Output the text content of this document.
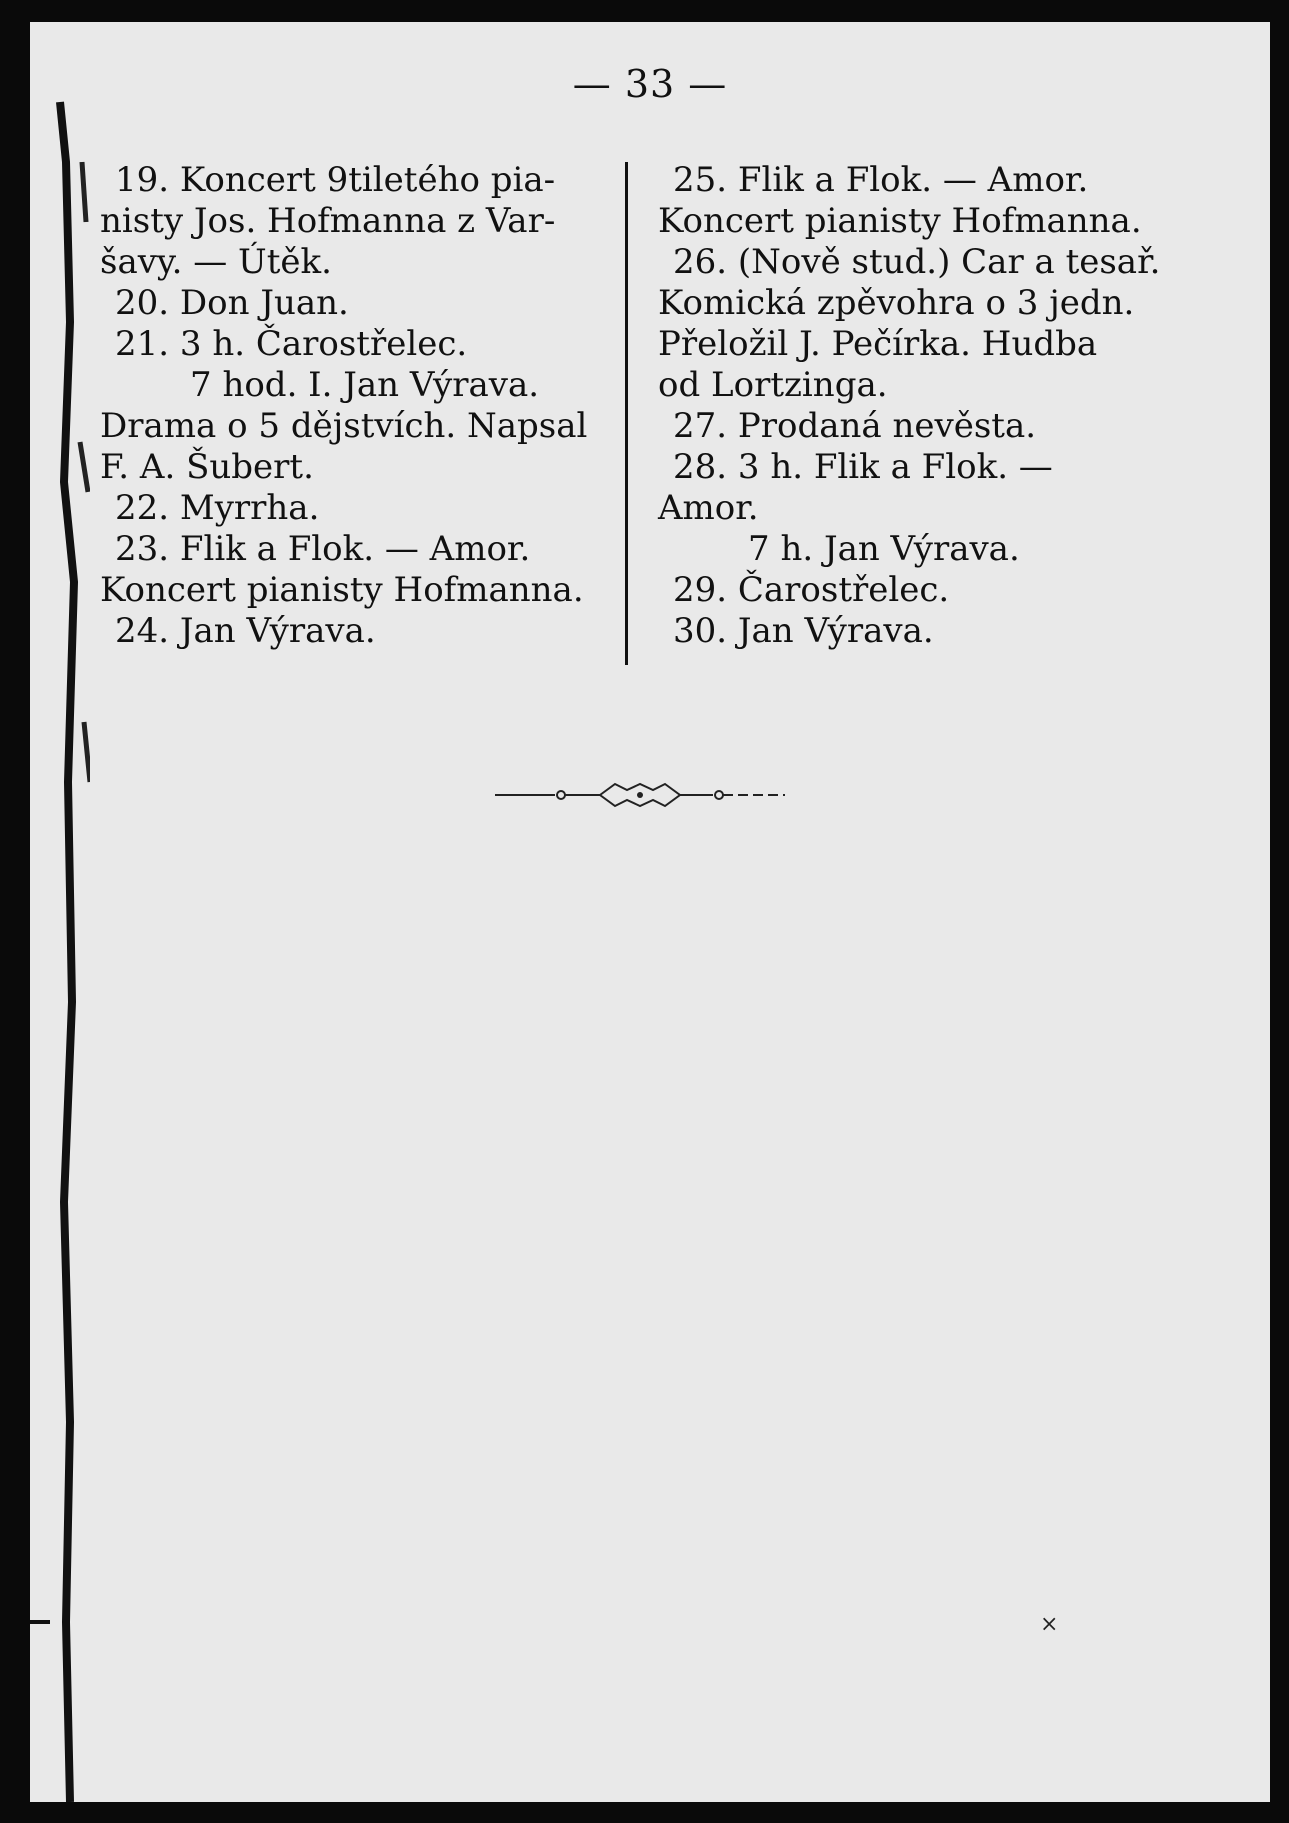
— 33 —
19. Koncert 9tiletého pia-
nisty Jos. Hofmanna z Var-
šavy. — Útěk.
20. Don Juan.
21. 3 h. Čarostřelec.
7 hod. I. Jan Výrava.
Drama o 5 dějstvích. Napsal
F. A. Šubert.
22. Myrrha.
23. Flik a Flok. — Amor.
Koncert pianisty Hofmanna.
24. Jan Výrava.
25. Flik a Flok. — Amor.
Koncert pianisty Hofmanna.
26. (Nově stud.) Car a tesař.
Komická zpěvohra o 3 jedn.
Přeložil J. Pečírka. Hudba
od Lortzinga.
27. Prodaná nevěsta.
28. 3 h. Flik a Flok. —
Amor.
7 h. Jan Výrava.
29. Čarostřelec.
30. Jan Výrava.
×
